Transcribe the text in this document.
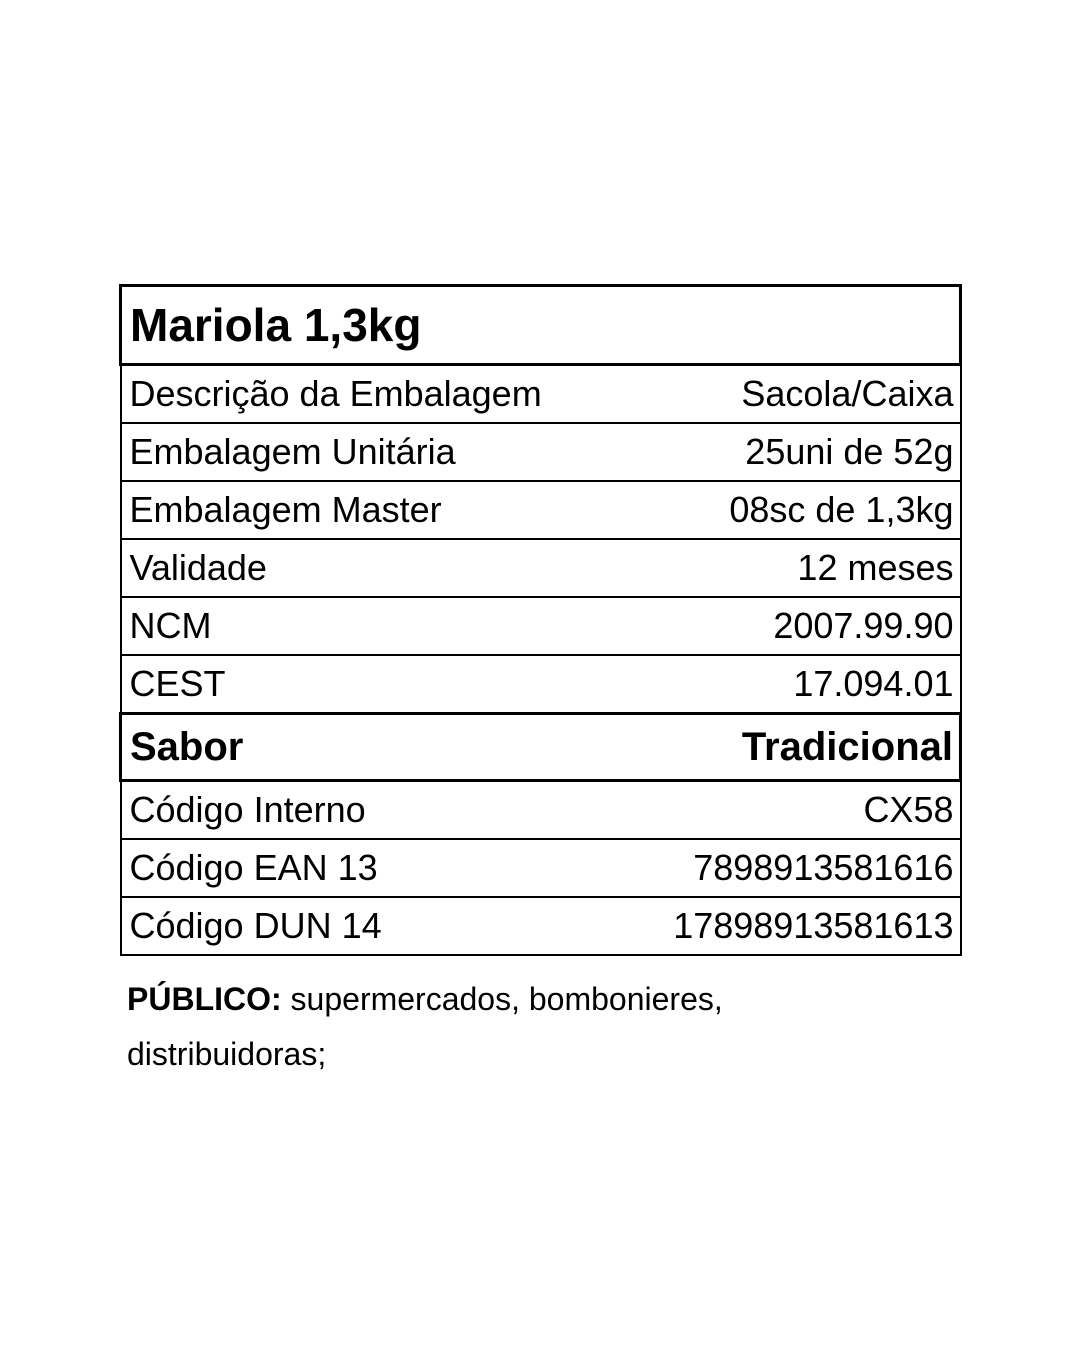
Mariola 1,3kg	
Descrição da Embalagem	Sacola/Caixa
Embalagem Unitária	25uni de 52g
Embalagem Master	08sc de 1,3kg
Validade	12 meses
NCM	2007.99.90
CEST	17.094.01
Sabor	Tradicional
Código Interno	CX58
Código EAN 13	7898913581616
Código DUN 14	17898913581613

PÚBLICO: supermercados, bombonieres, distribuidoras;
